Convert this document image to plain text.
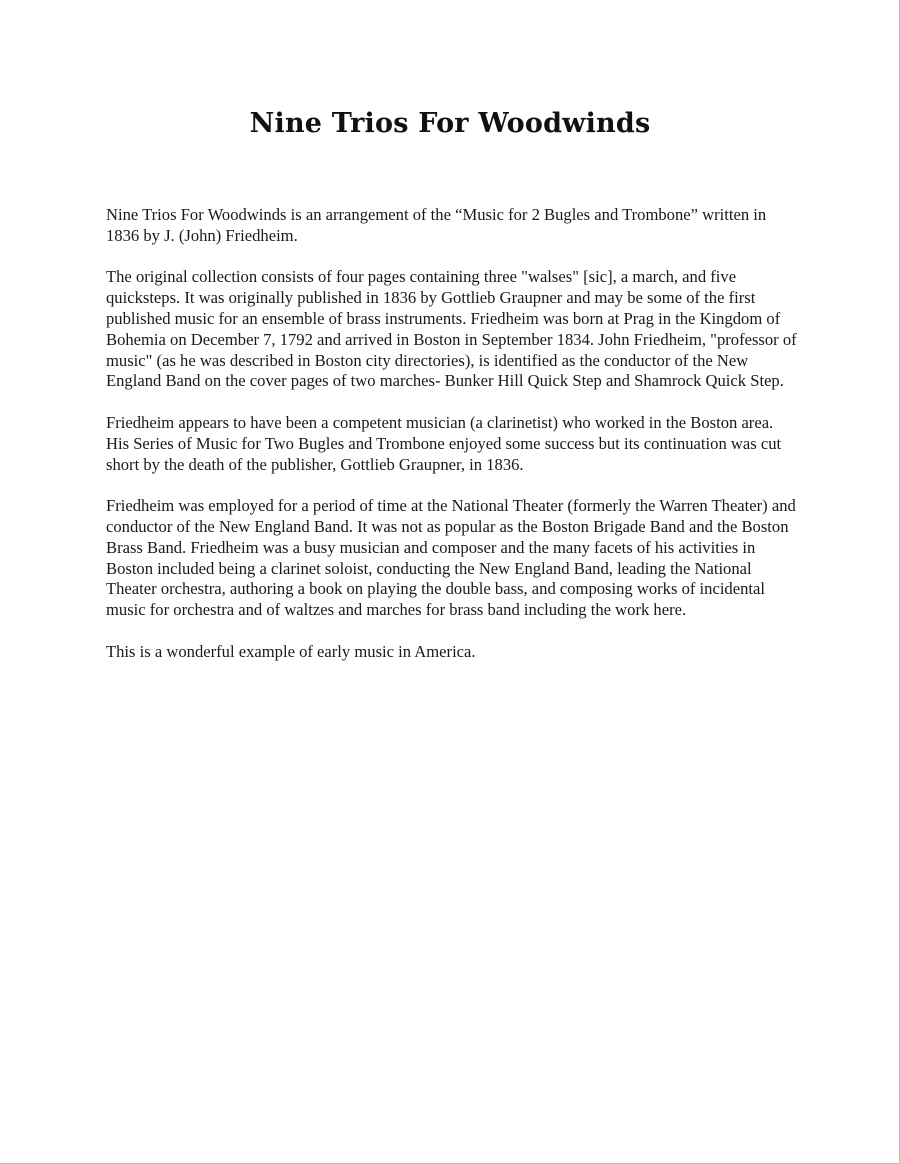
Nine Trios For Woodwinds

Nine Trios For Woodwinds is an arrangement of the “Music for 2 Bugles and Trombone” written in 1836 by J. (John) Friedheim.

The original collection consists of four pages containing three "walses" [sic], a march, and five quicksteps. It was originally published in 1836 by Gottlieb Graupner and may be some of the first published music for an ensemble of brass instruments. Friedheim was born at Prag in the Kingdom of Bohemia on December 7, 1792 and arrived in Boston in September 1834. John Friedheim, "professor of music" (as he was described in Boston city directories), is identified as the conductor of the New England Band on the cover pages of two marches- Bunker Hill Quick Step and Shamrock Quick Step.

Friedheim appears to have been a competent musician (a clarinetist) who worked in the Boston area. His Series of Music for Two Bugles and Trombone enjoyed some success but its continuation was cut short by the death of the publisher, Gottlieb Graupner, in 1836.

Friedheim was employed for a period of time at the National Theater (formerly the Warren Theater) and conductor of the New England Band. It was not as popular as the Boston Brigade Band and the Boston Brass Band. Friedheim was a busy musician and composer and the many facets of his activities in Boston included being a clarinet soloist, conducting the New England Band, leading the National Theater orchestra, authoring a book on playing the double bass, and composing works of incidental music for orchestra and of waltzes and marches for brass band including the work here.

This is a wonderful example of early music in America.
